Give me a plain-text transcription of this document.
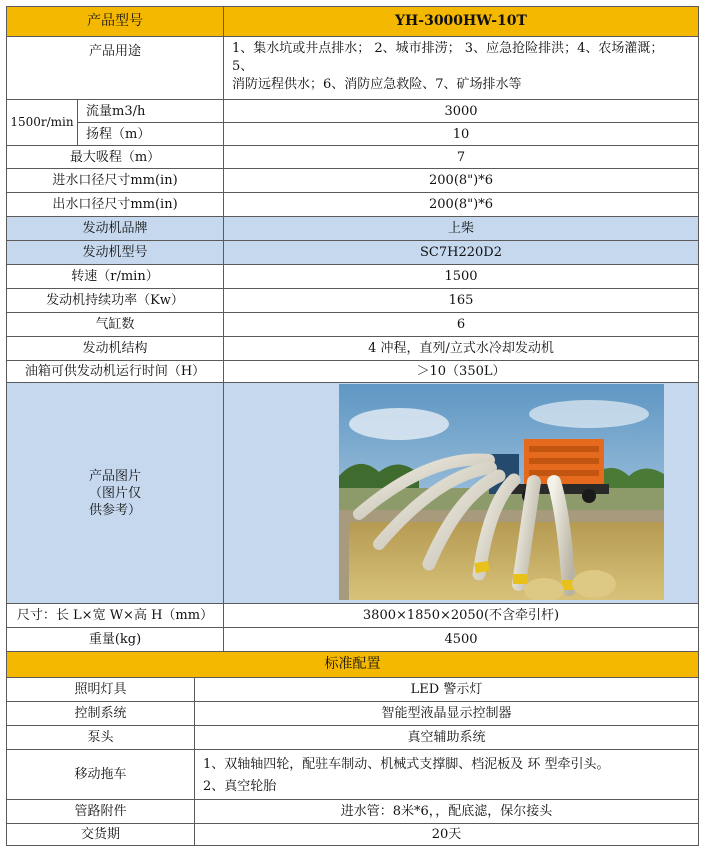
产品型号	YH-3000HW-10T
产品用途	1、集水坑或井点排水； 2、城市排涝； 3、应急抢险排洪；4、农场灌溉；
5、
消防远程供水；6、消防应急救险、7、矿场排水等
1500r/min
流量m3/h	3000
扬程（m）	10
最大吸程（m）	7
进水口径尺寸mm(in)	200(8")*6
出水口径尺寸mm(in)	200(8")*6
发动机品牌	上柴
发动机型号	SC7H220D2
转速（r/min）	1500
发动机持续功率（Kw）	165
气缸数	6
发动机结构	4 冲程，直列/立式水冷却发动机
油箱可供发动机运行时间（H）	＞10（350L）
产品图片
（图片仅
供参考）
尺寸：长 L×宽 W×高 H（mm）	3800×1850×2050(不含牵引杆)
重量(kg)	4500
标准配置
照明灯具	LED 警示灯
控制系统	智能型液晶显示控制器
泵头	真空辅助系统
移动拖车
1、双轴轴四轮，配驻车制动、机械式支撑脚、档泥板及 环 型牵引头。
2、真空轮胎
管路附件	进水管：8米*6，，配底滤，保尔接头
交货期	20天
